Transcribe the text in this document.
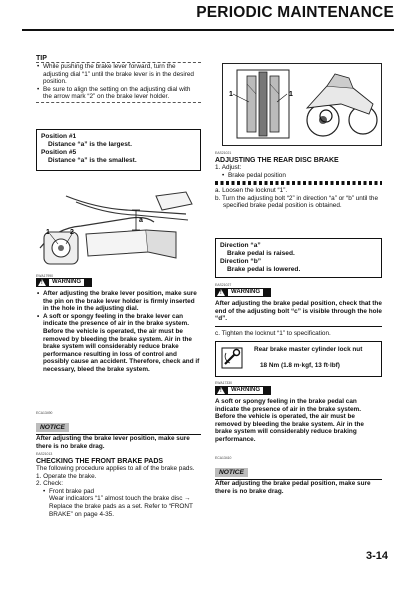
PERIODIC MAINTENANCE
TIP
• While pushing the brake lever forward, turn the adjusting dial “1” until the brake lever is in the desired position.
• Be sure to align the setting on the adjusting dial with the arrow mark “2” on the brake lever holder.
Position #1
Distance “a” is the largest.
Position #5
Distance “a” is the smallest.
1	2
a
EWA17990
!	WARNING
• After adjusting the brake lever position, make sure the pin on the brake lever holder is firmly inserted in the hole in the adjusting dial.
• A soft or spongy feeling in the brake lever can indicate the presence of air in the brake system. Before the vehicle is operated, the air must be removed by bleeding the brake system. Air in the brake system will considerably reduce brake performance resulting in loss of control and possibly cause an accident. Therefore, check and if necessary, bleed the brake system.
ECA13490
NOTICE
After adjusting the brake lever position, make sure there is no brake drag.
EAS21013
CHECKING THE FRONT BRAKE PADS
The following procedure applies to all of the brake pads.
1. Operate the brake.
2. Check:
• Front brake pad
Wear indicators “1” almost touch the brake disc → Replace the brake pads as a set. Refer to “FRONT BRAKE” on page 4-35.
1	1
EAS21021
ADJUSTING THE REAR DISC BRAKE
1. Adjust:
• Brake pedal position
a. Loosen the locknut “1”.
b. Turn the adjusting bolt “2” in direction “a” or “b” until the specified brake pedal position is obtained.
Direction “a”
Brake pedal is raised.
Direction “b”
Brake pedal is lowered.
EAS21027
!	WARNING
After adjusting the brake pedal position, check that the end of the adjusting bolt “c” is visible through the hole “d”.
c. Tighten the locknut “1” to specification.
Rear brake master cylinder lock nut
18 Nm (1.8 m·kgf, 13 ft·lbf)
EWA17330
!	WARNING
A soft or spongy feeling in the brake pedal can indicate the presence of air in the brake system. Before the vehicle is operated, the air must be removed by bleeding the brake system. Air in the brake system will considerably reduce braking performance.
ECA13410
NOTICE
After adjusting the brake pedal position, make sure there is no brake drag.
3-14
